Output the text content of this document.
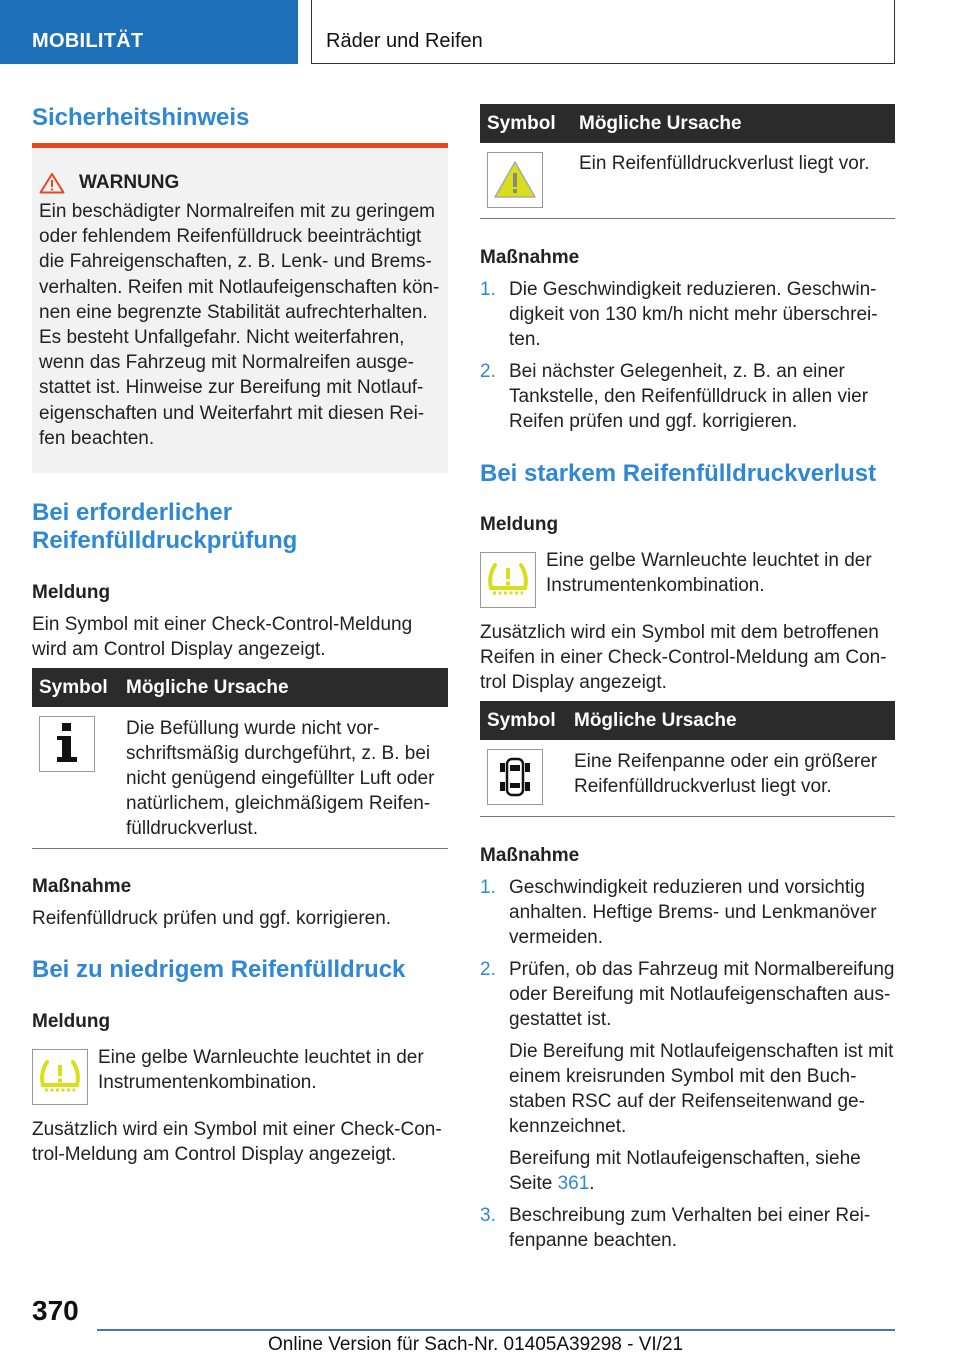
MOBILITÄT	Räder und Reifen
Sicherheitshinweis
WARNUNG
Ein beschädigter Normalreifen mit zu geringem oder fehlendem Reifenfülldruck beeinträchtigt die Fahreigenschaften, z. B. Lenk- und Brems-verhalten. Reifen mit Notlaufeigenschaften kön-nen eine begrenzte Stabilität aufrechterhalten. Es besteht Unfallgefahr. Nicht weiterfahren, wenn das Fahrzeug mit Normalreifen ausge-stattet ist. Hinweise zur Bereifung mit Notlauf-eigenschaften und Weiterfahrt mit diesen Rei-fen beachten.
Bei erforderlicher
Reifenfülldruckprüfung
Meldung

Ein Symbol mit einer Check-Control-Meldung wird am Control Display angezeigt.

Symbol	Mögliche Ursache

	Die Befüllung wurde nicht vor-schriftsmäßig durchgeführt, z. B. bei nicht genügend eingefüllter Luft oder natürlichem, gleichmäßigem Reifen-fülldruckverlust.
Maßnahme

Reifenfülldruck prüfen und ggf. korrigieren.

Bei zu niedrigem Reifenfülldruck
Meldung

Eine gelbe Warnleuchte leuchtet in der Instrumentenkombination.

Zusätzlich wird ein Symbol mit einer Check-Con-trol-Meldung am Control Display angezeigt.

Symbol	Mögliche Ursache

	Ein Reifenfülldruckverlust liegt vor.
Maßnahme
1. Die Geschwindigkeit reduzieren. Geschwin-digkeit von 130 km/h nicht mehr überschrei-ten.
2. Bei nächster Gelegenheit, z. B. an einer Tankstelle, den Reifenfülldruck in allen vier Reifen prüfen und ggf. korrigieren.
Bei starkem Reifenfülldruckverlust
Meldung

Eine gelbe Warnleuchte leuchtet in der Instrumentenkombination.

Zusätzlich wird ein Symbol mit dem betroffenen Reifen in einer Check-Control-Meldung am Con-trol Display angezeigt.

Symbol	Mögliche Ursache

	Eine Reifenpanne oder ein größerer Reifenfülldruckverlust liegt vor.
Maßnahme
1. Geschwindigkeit reduzieren und vorsichtig anhalten. Heftige Brems- und Lenkmanöver vermeiden.
2. Prüfen, ob das Fahrzeug mit Normalbereifung oder Bereifung mit Notlaufeigenschaften aus-gestattet ist.
Die Bereifung mit Notlaufeigenschaften ist mit einem kreisrunden Symbol mit den Buch-staben RSC auf der Reifenseitenwand ge-kennzeichnet.
Bereifung mit Notlaufeigenschaften, siehe Seite 361.
3. Beschreibung zum Verhalten bei einer Rei-fenpanne beachten.
370
Online Version für Sach-Nr. 01405A39298 - VI/21
